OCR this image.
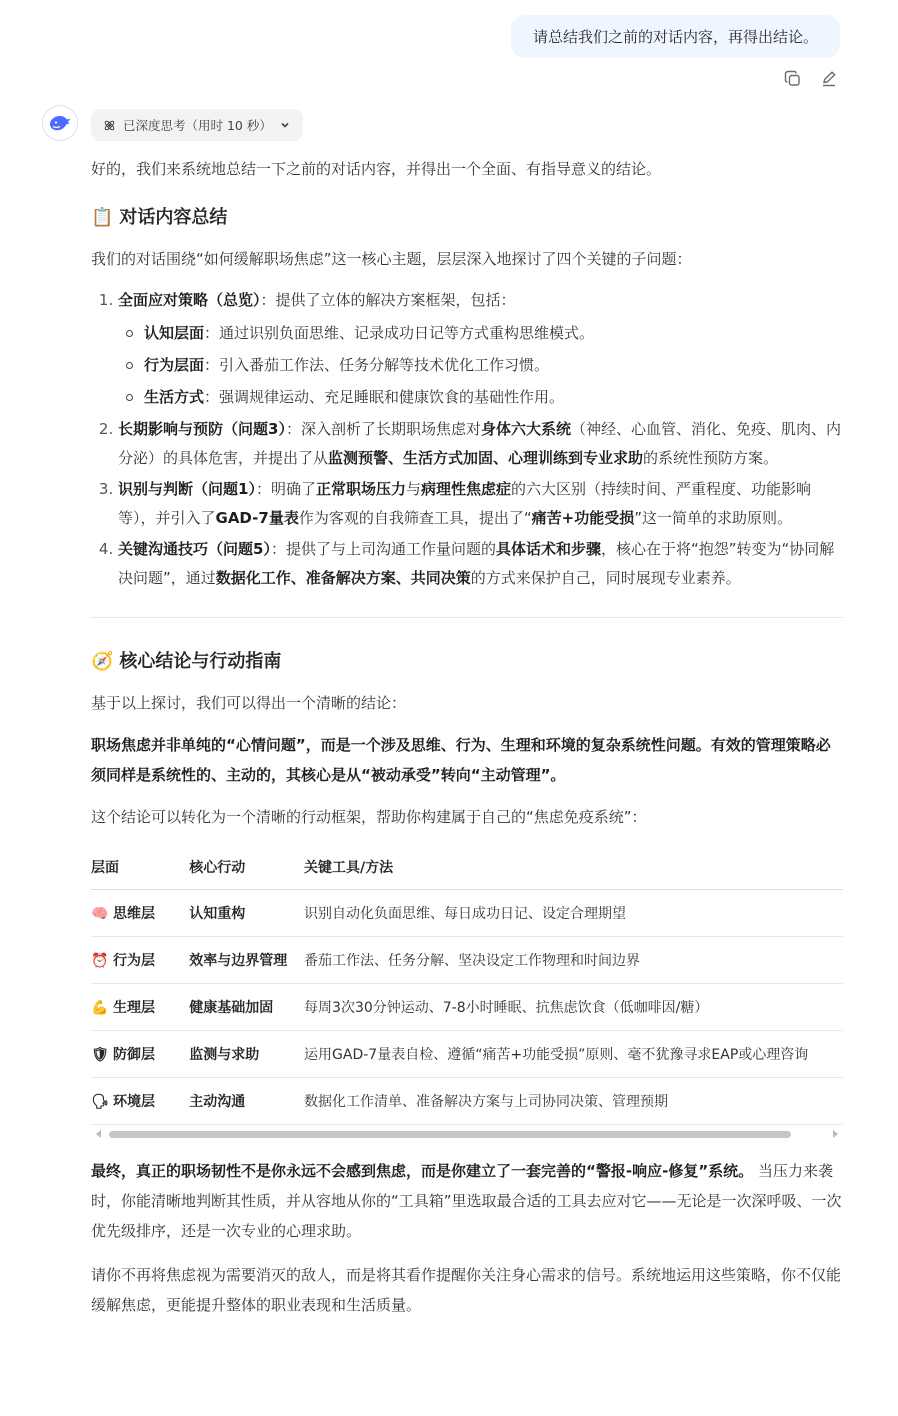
请总结我们之前的对话内容，再得出结论。
已深度思考（用时 10 秒）

好的，我们来系统地总结一下之前的对话内容，并得出一个全面、有指导意义的结论。

📋 对话内容总结

我们的对话围绕“如何缓解职场焦虑”这一核心主题，层层深入地探讨了四个关键的子问题：

1. 全面应对策略（总览）：提供了立体的解决方案框架，包括：
认知层面：通过识别负面思维、记录成功日记等方式重构思维模式。
行为层面：引入番茄工作法、任务分解等技术优化工作习惯。
生活方式：强调规律运动、充足睡眠和健康饮食的基础性作用。
2. 长期影响与预防（问题3）：深入剖析了长期职场焦虑对身体六大系统（神经、心血管、消化、免疫、肌肉、内分泌）的具体危害，并提出了从监测预警、生活方式加固、心理训练到专业求助的系统性预防方案。
3. 识别与判断（问题1）：明确了正常职场压力与病理性焦虑症的六大区别（持续时间、严重程度、功能影响等），并引入了GAD-7量表作为客观的自我筛查工具，提出了“痛苦+功能受损”这一简单的求助原则。
4. 关键沟通技巧（问题5）：提供了与上司沟通工作量问题的具体话术和步骤，核心在于将“抱怨”转变为“协同解决问题”，通过数据化工作、准备解决方案、共同决策的方式来保护自己，同时展现专业素养。
🧭 核心结论与行动指南

基于以上探讨，我们可以得出一个清晰的结论：

职场焦虑并非单纯的“心情问题”，而是一个涉及思维、行为、生理和环境的复杂系统性问题。有效的管理策略必须同样是系统性的、主动的，其核心是从“被动承受”转向“主动管理”。

这个结论可以转化为一个清晰的行动框架，帮助你构建属于自己的“焦虑免疫系统”：

层面	核心行动	关键工具/方法
🧠 思维层	认知重构	识别自动化负面思维、每日成功日记、设定合理期望
⏰ 行为层	效率与边界管理	番茄工作法、任务分解、坚决设定工作物理和时间边界
💪 生理层	健康基础加固	每周3次30分钟运动、7-8小时睡眠、抗焦虑饮食（低咖啡因/糖）
🛡 防御层	监测与求助	运用GAD-7量表自检、遵循“痛苦+功能受损”原则、毫不犹豫寻求EAP或心理咨询
🗣 环境层	主动沟通	数据化工作清单、准备解决方案与上司协同决策、管理预期

最终，真正的职场韧性不是你永远不会感到焦虑，而是你建立了一套完善的“警报-响应-修复”系统。 当压力来袭时，你能清晰地判断其性质，并从容地从你的“工具箱”里选取最合适的工具去应对它——无论是一次深呼吸、一次优先级排序，还是一次专业的心理求助。

请你不再将焦虑视为需要消灭的敌人，而是将其看作提醒你关注身心需求的信号。系统地运用这些策略，你不仅能缓解焦虑，更能提升整体的职业表现和生活质量。
